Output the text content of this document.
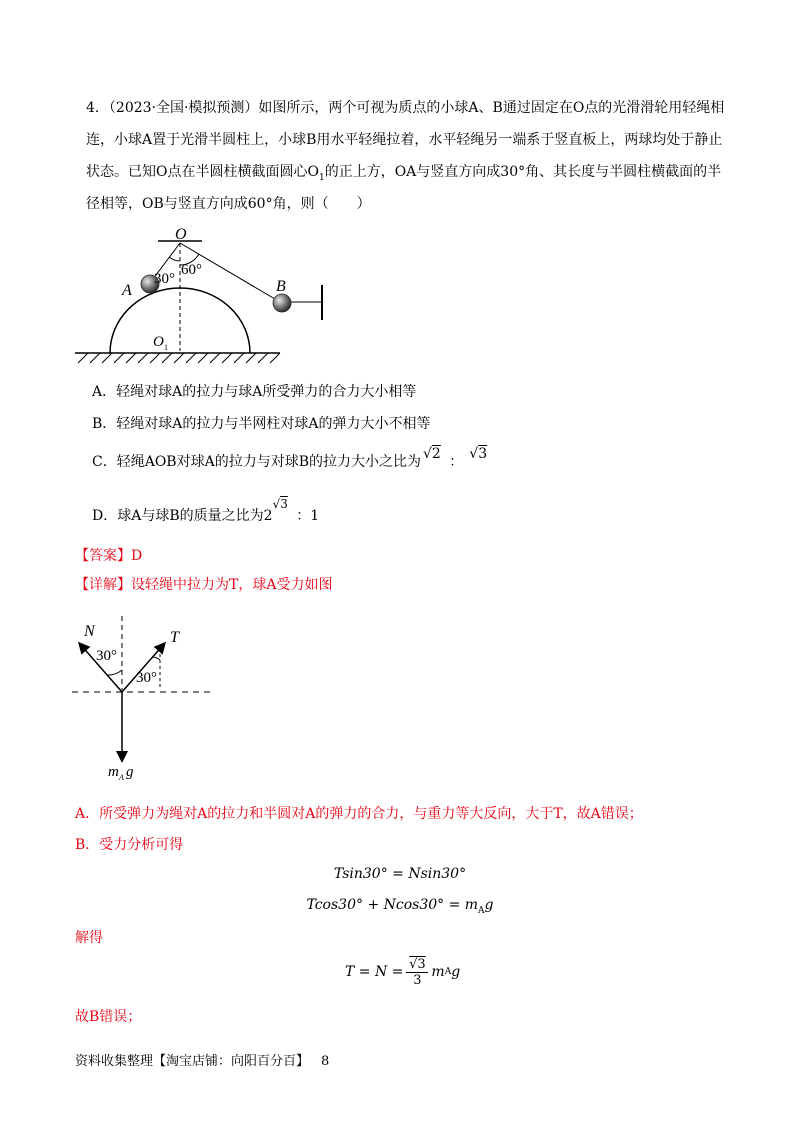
4．（2023·全国·模拟预测）如图所示，两个可视为质点的小球A、B通过固定在O点的光滑滑轮用轻绳相
连，小球A置于光滑半圆柱上，小球B用水平轻绳拉着，水平轻绳另一端系于竖直板上，两球均处于静止
状态。已知O点在半圆柱横截面圆心$O_1$的正上方，OA与竖直方向成30°角、其长度与半圆柱横截面的半
径相等，OB与竖直方向成60°角，则（　　）
O
30°
60°
A	B
O 1
A．轻绳对球A的拉力与球A所受弹力的合力大小相等
B．轻绳对球A的拉力与半网柱对球A的弹力大小不相等
C．轻绳AOB对球A的拉力与对球B的拉力大小之比为 √2 ： √3
D．球A与球B的质量之比为2√3 ：1
【答案】D
【详解】设轻绳中拉力为T，球A受力如图
N	T
30°
30°
m A g
A．所受弹力为绳对A的拉力和半圆对A的弹力的合力，与重力等大反向，大于T，故A错误；
B．受力分析可得
Tsin30° = Nsin30°
$Tcos30^\circ + Ncos30^\circ = m_Ag$
解得
T = N = √3
3 m A g
故B错误；
资料收集整理【淘宝店铺：向阳百分百】 8
